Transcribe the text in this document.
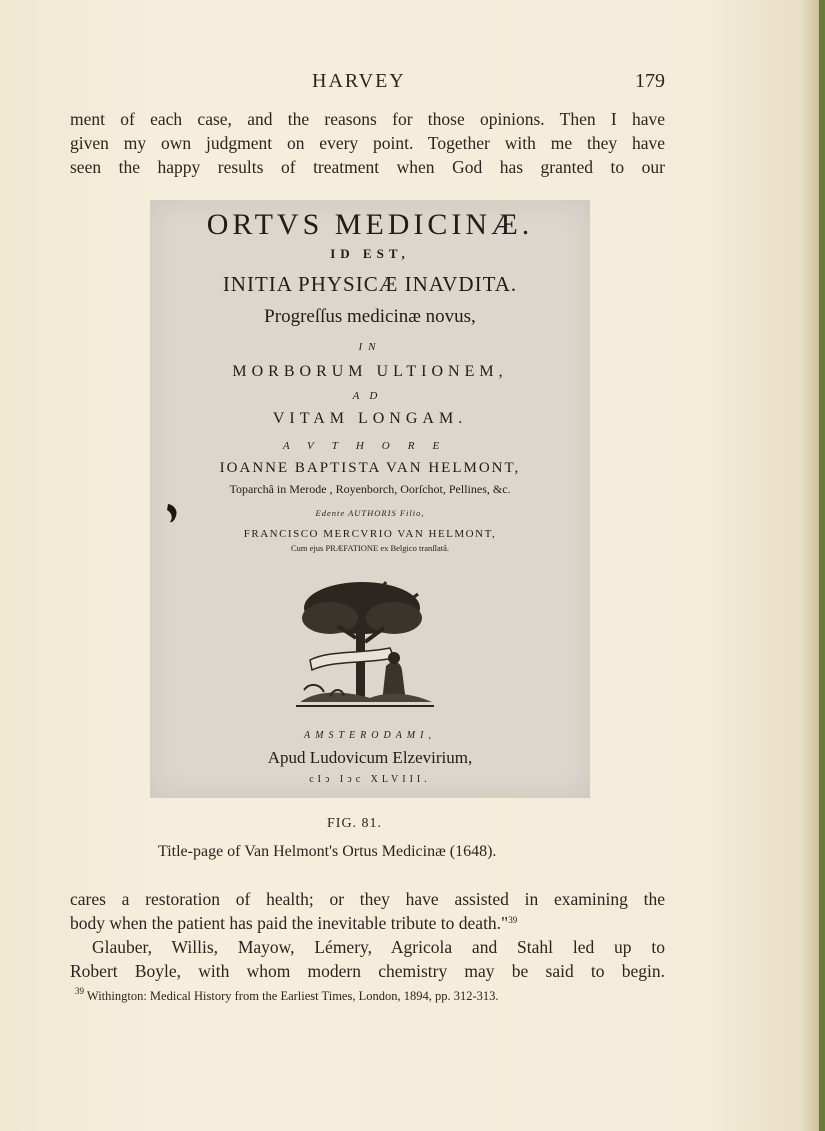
HARVEY	179
ment of each case, and the reasons for those opinions. Then I have
given my own judgment on every point. Together with me they have
seen the happy results of treatment when God has granted to our
ORTVS MEDICINÆ.
ID EST,
INITIA PHYSICÆ INAVDITA.
Progreſſus medicinæ novus,
IN
MORBORUM ULTIONEM,
AD
VITAM LONGAM.
AVTHORE
IOANNE BAPTISTA VAN HELMONT,
Toparchâ in Merode , Royenborch, Oorſchot, Pellines, &c.
Edente AUTHORIS Filio,
FRANCISCO MERCVRIO VAN HELMONT,
Cum ejus PRÆFATIONE ex Belgico tranſlatâ.
AMSTERODAMI,
Apud Ludovicum Elzevirium,
cIↄ Iↄc XLVIII.
FIG. 81.
Title-page of Van Helmont's Ortus Medicinæ (1648).
cares a restoration of health; or they have assisted in examining the
body when the patient has paid the inevitable tribute to death."$^{39}$
Glauber, Willis, Mayow, Lémery, Agricola and Stahl led up to
Robert Boyle, with whom modern chemistry may be said to begin.
$^{39}$ Withington: Medical History from the Earliest Times, London, 1894, pp. 312-313.
